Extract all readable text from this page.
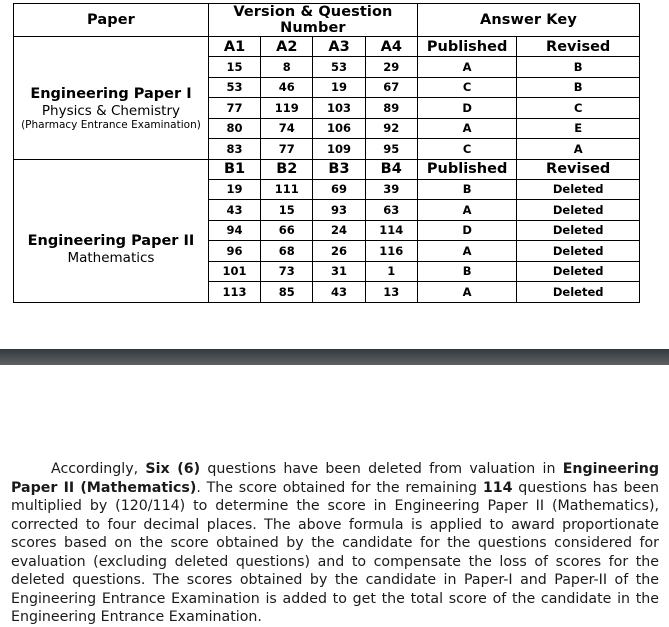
Paper	Version & Question Number				Answer Key	

Engineering Paper I
Physics & Chemistry
(Pharmacy Entrance Examination)	A1	A2	A3	A4	Published	Revised
	15	8	53	29	A	B
	53	46	19	67	C	B
	77	119	103	89	D	C
	80	74	106	92	A	E
	83	77	109	95	C	A

Engineering Paper II
Mathematics	B1	B2	B3	B4	Published	Revised
	19	111	69	39	B	Deleted
	43	15	93	63	A	Deleted
	94	66	24	114	D	Deleted
	96	68	26	116	A	Deleted
	101	73	31	1	B	Deleted
	113	85	43	13	A	Deleted

Accordingly, Six (6) questions have been deleted from valuation in Engineering Paper II (Mathematics). The score obtained for the remaining 114 questions has been multiplied by (120/114) to determine the score in Engineering Paper II (Mathematics), corrected to four decimal places. The above formula is applied to award proportionate scores based on the score obtained by the candidate for the questions considered for evaluation (excluding deleted questions) and to compensate the loss of scores for the deleted questions. The scores obtained by the candidate in Paper-I and Paper-II of the Engineering Entrance Examination is added to get the total score of the candidate in the Engineering Entrance Examination.
